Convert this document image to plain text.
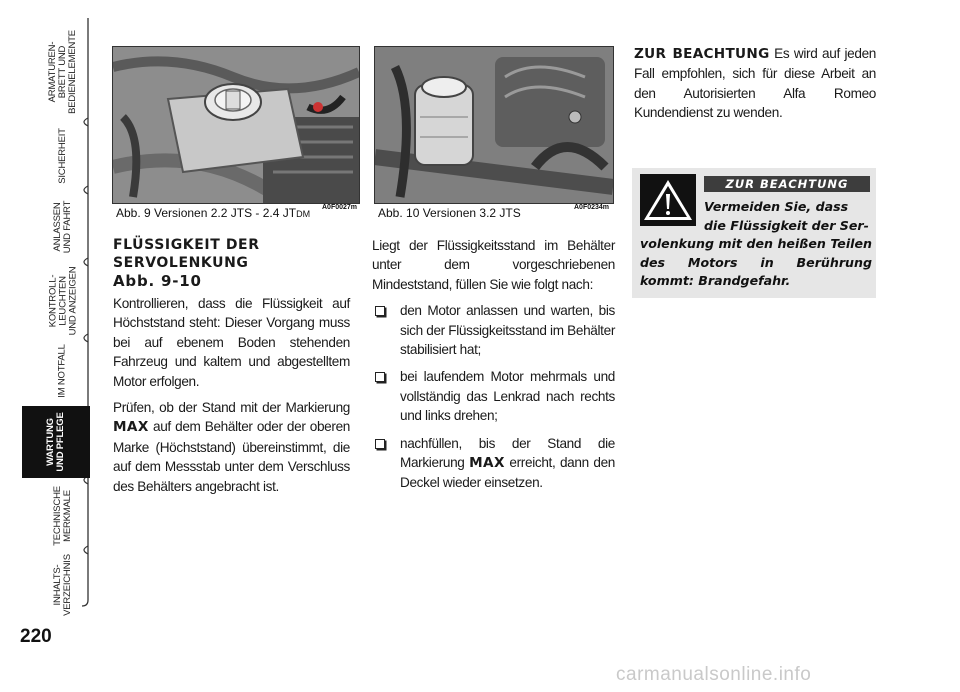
ARMATUREN-
BRETT UND
BEDIENELEMENTE
SICHERHEIT
ANLASSEN
UND FAHRT
KONTROLL-
LEUCHTEN
UND ANZEIGEN
IM NOTFALL
WARTUNG
UND PFLEGE
TECHNISCHE
MERKMALE
INHALTS-
VERZEICHNIS
220
A0F0027m
Abb. 9 Versionen 2.2 JTS - 2.4 JTDM
A0F0234m
Abb. 10 Versionen 3.2 JTS
FLÜSSIGKEIT DER
SERVOLENKUNG
Abb. 9-10

Kontrollieren, dass die Flüssigkeit auf Höchststand steht: Dieser Vorgang muss bei auf ebenem Boden stehenden Fahrzeug und kaltem und abgestelltem Motor erfolgen.

Prüfen, ob der Stand mit der Markierung MAX auf dem Behälter oder der oberen Marke (Höchststand) übereinstimmt, die auf dem Messstab unter dem Verschluss des Behälters angebracht ist.

Liegt der Flüssigkeitsstand im Behälter unter dem vorgeschriebenen Mindeststand, füllen Sie wie folgt nach:

den Motor anlassen und warten, bis sich der Flüssigkeitsstand im Behälter stabilisiert hat;
bei laufendem Motor mehrmals und vollständig das Lenkrad nach rechts und links drehen;
nachfüllen, bis der Stand die Markierung MAX erreicht, dann den Deckel wieder einsetzen.

ZUR BEACHTUNG Es wird auf jeden Fall empfohlen, sich für diese Arbeit an den Autorisierten Alfa Romeo Kundendienst zu wenden.

ZUR BEACHTUNG
Vermeiden Sie, dass
die Flüssigkeit der Ser-
volenkung mit den heißen Teilen des Motors in Berührung kommt: Brandgefahr.
carmanualsonline.info
